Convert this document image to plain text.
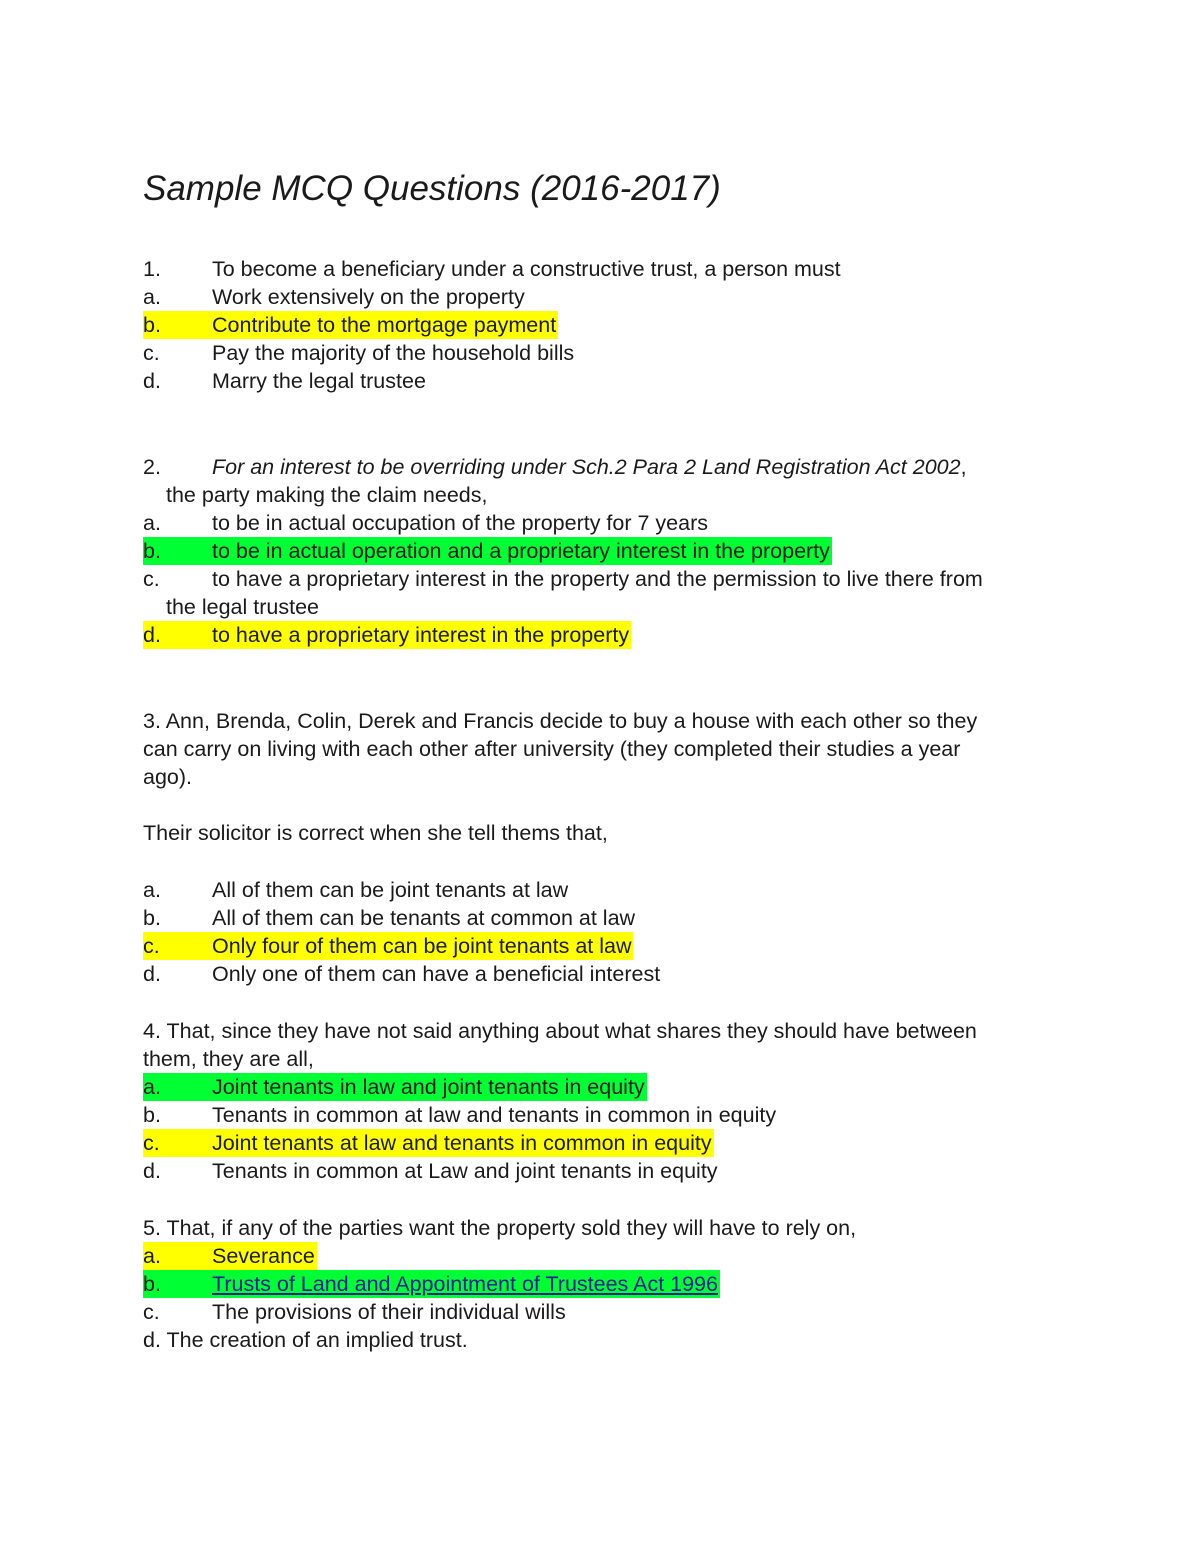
Sample MCQ Questions (2016-2017)
1. To become a beneficiary under a constructive trust, a person must
a. Work extensively on the property
b. Contribute to the mortgage payment
c. Pay the majority of the household bills
d. Marry the legal trustee
2. For an interest to be overriding under Sch.2 Para 2 Land Registration Act 2002,
the party making the claim needs,
a. to be in actual occupation of the property for 7 years
b. to be in actual operation and a proprietary interest in the property
c. to have a proprietary interest in the property and the permission to live there from
the legal trustee
d. to have a proprietary interest in the property
3. Ann, Brenda, Colin, Derek and Francis decide to buy a house with each other so they
can carry on living with each other after university (they completed their studies a year
ago).
Their solicitor is correct when she tell thems that,
a. All of them can be joint tenants at law
b. All of them can be tenants at common at law
c. Only four of them can be joint tenants at law
d. Only one of them can have a beneficial interest
4. That, since they have not said anything about what shares they should have between
them, they are all,
a. Joint tenants in law and joint tenants in equity
b. Tenants in common at law and tenants in common in equity
c. Joint tenants at law and tenants in common in equity
d. Tenants in common at Law and joint tenants in equity
5. That, if any of the parties want the property sold they will have to rely on,
a. Severance
b. Trusts of Land and Appointment of Trustees Act 1996
c. The provisions of their individual wills
d. The creation of an implied trust.
